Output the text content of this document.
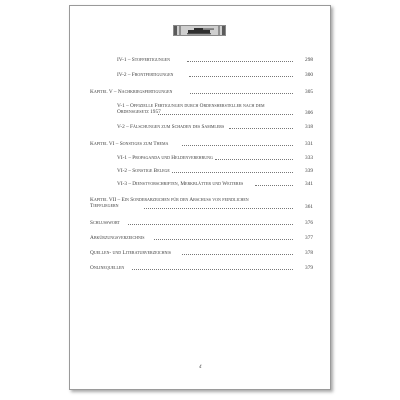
IV-1 – Stoffertigungen	298
IV-2 – Frontfertigungen	300
Kapitel V – Nachkriegsfertigungen	305
V-1 – Offizielle Fertigungen durch Ordenshersteller nach dem Ordensgesetz 1957	306
V-2 – Fälschungen zum Schaden des Sammlers	318
Kapitel VI – Sonstiges zum Thema	331
VI-1 – Propaganda und Heldenverehrung	333
VI-2 – Sonstige Belege	339
VI-3 – Dienstvorschriften, Merkblätter und Weiteres	341
Kapitel VII – Ein Sonderabzeichen für den Abschuss von feindlichen Tieffliegern	361
Schlusswort	376
Abkürzungsverzeichnis	377
Quellen- und Literaturverzeichnis	378
Onlinequellen	379
4
